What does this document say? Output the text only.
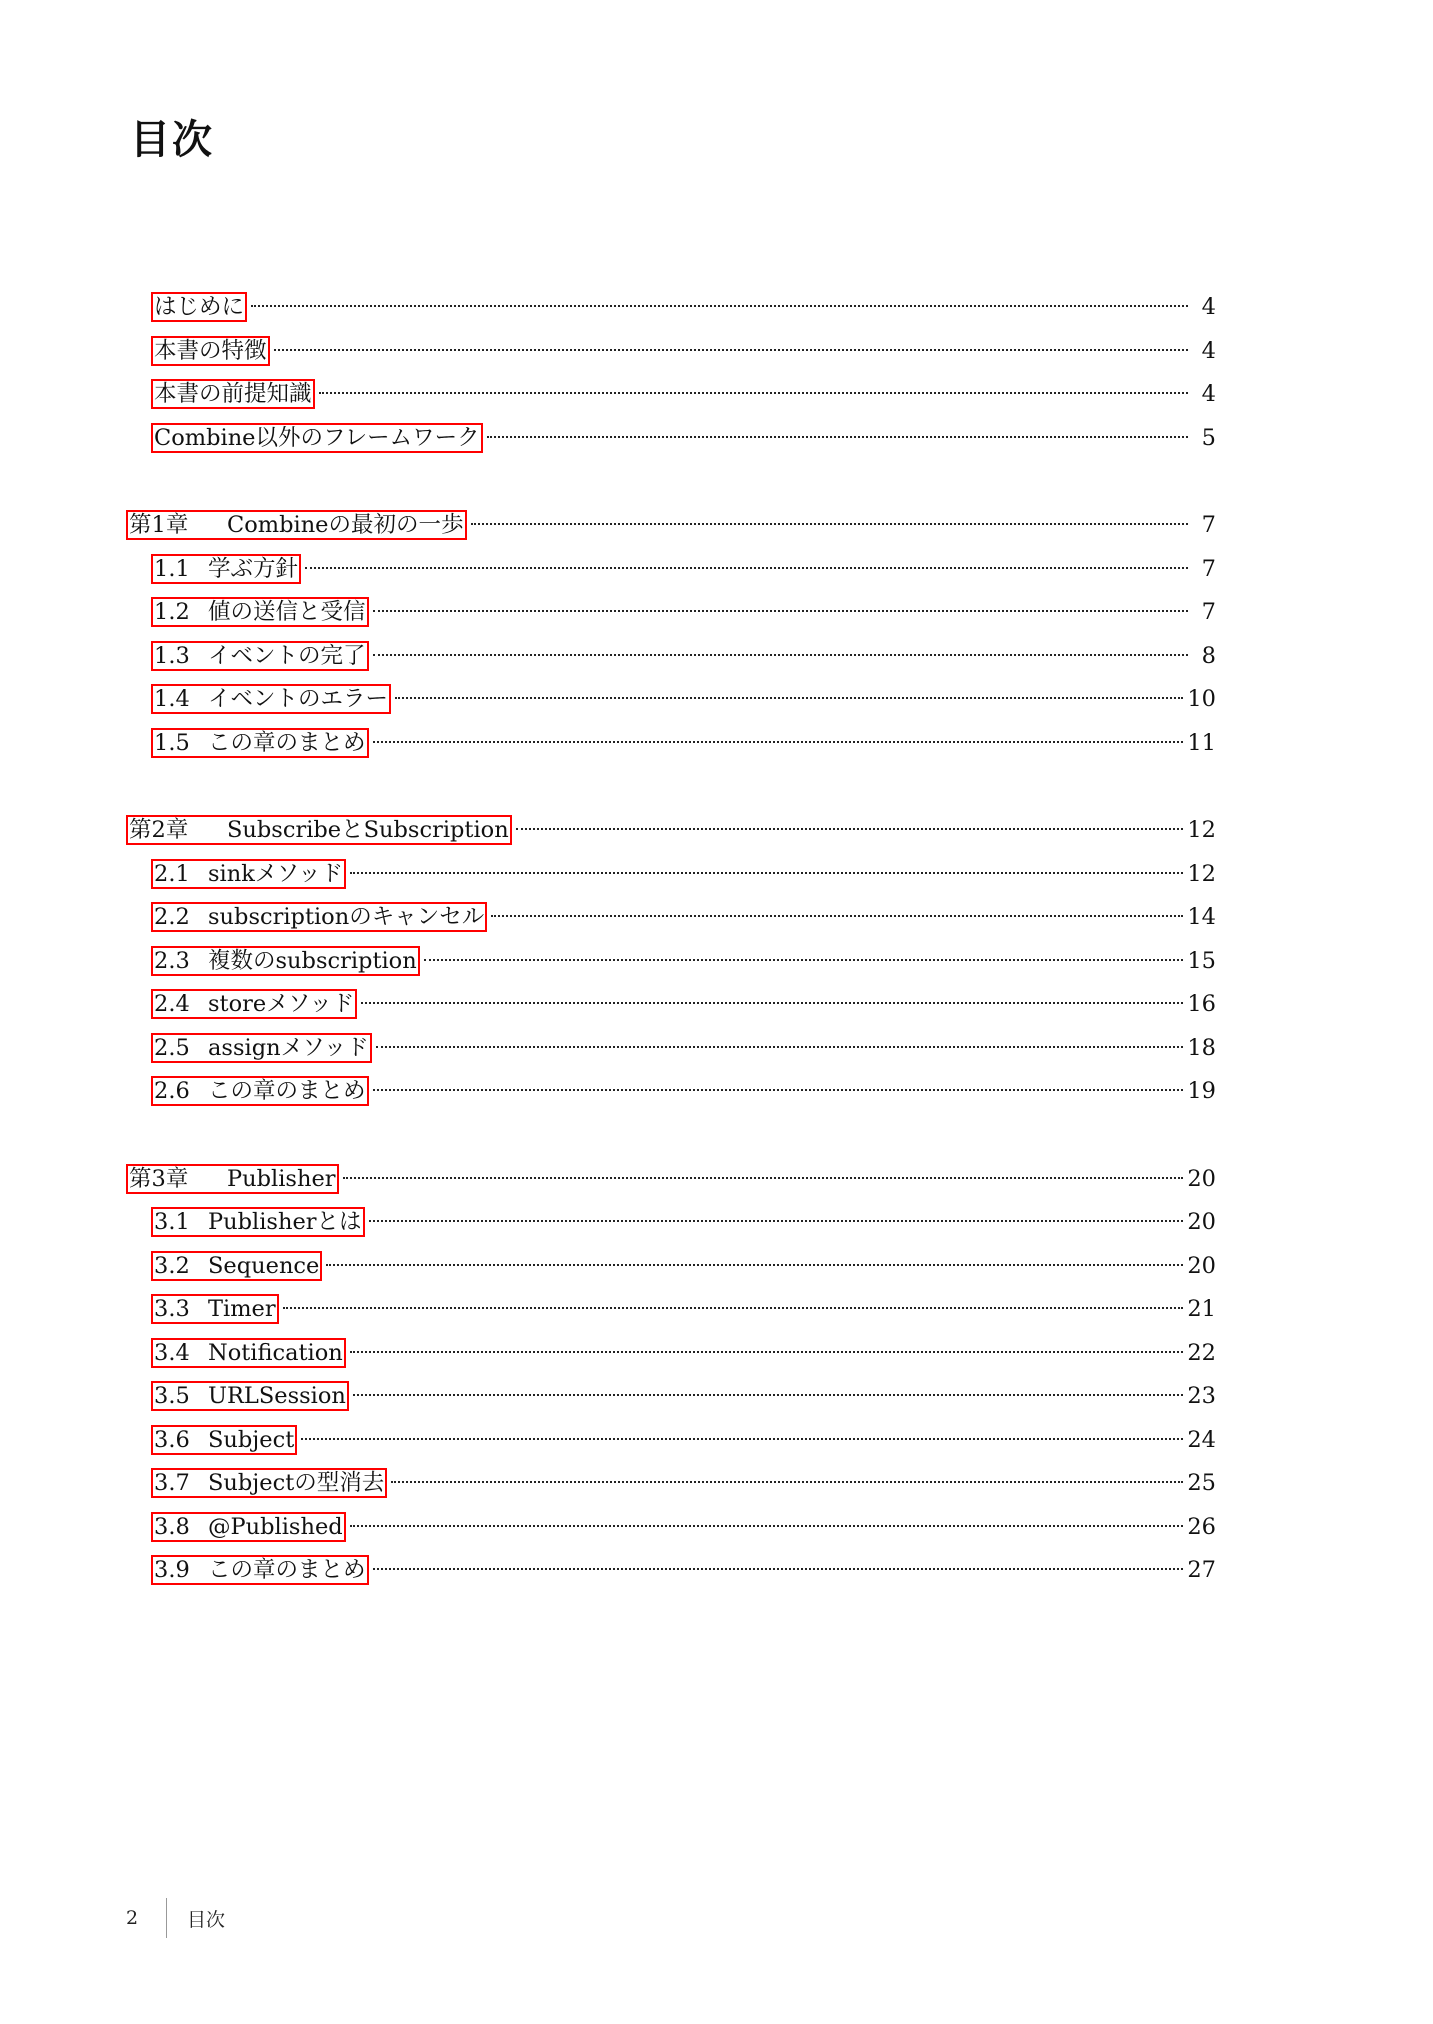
目次
はじめに	4
本書の特徴	4
本書の前提知識	4
Combine以外のフレームワーク	5
第1章	Combineの最初の一歩	7
1.1 学ぶ方針	7
1.2 値の送信と受信	7
1.3 イベントの完了	8
1.4 イベントのエラー	10
1.5 この章のまとめ	11
第2章	SubscribeとSubscription	12
2.1 sinkメソッド	12
2.2 subscriptionのキャンセル	14
2.3 複数のsubscription	15
2.4 storeメソッド	16
2.5 assignメソッド	18
2.6 この章のまとめ	19
第3章	Publisher	20
3.1 Publisherとは	20
3.2 Sequence	20
3.3 Timer	21
3.4 Notification	22
3.5 URLSession	23
3.6 Subject	24
3.7 Subjectの型消去	25
3.8 @Published	26
3.9 この章のまとめ	27
2	目次
